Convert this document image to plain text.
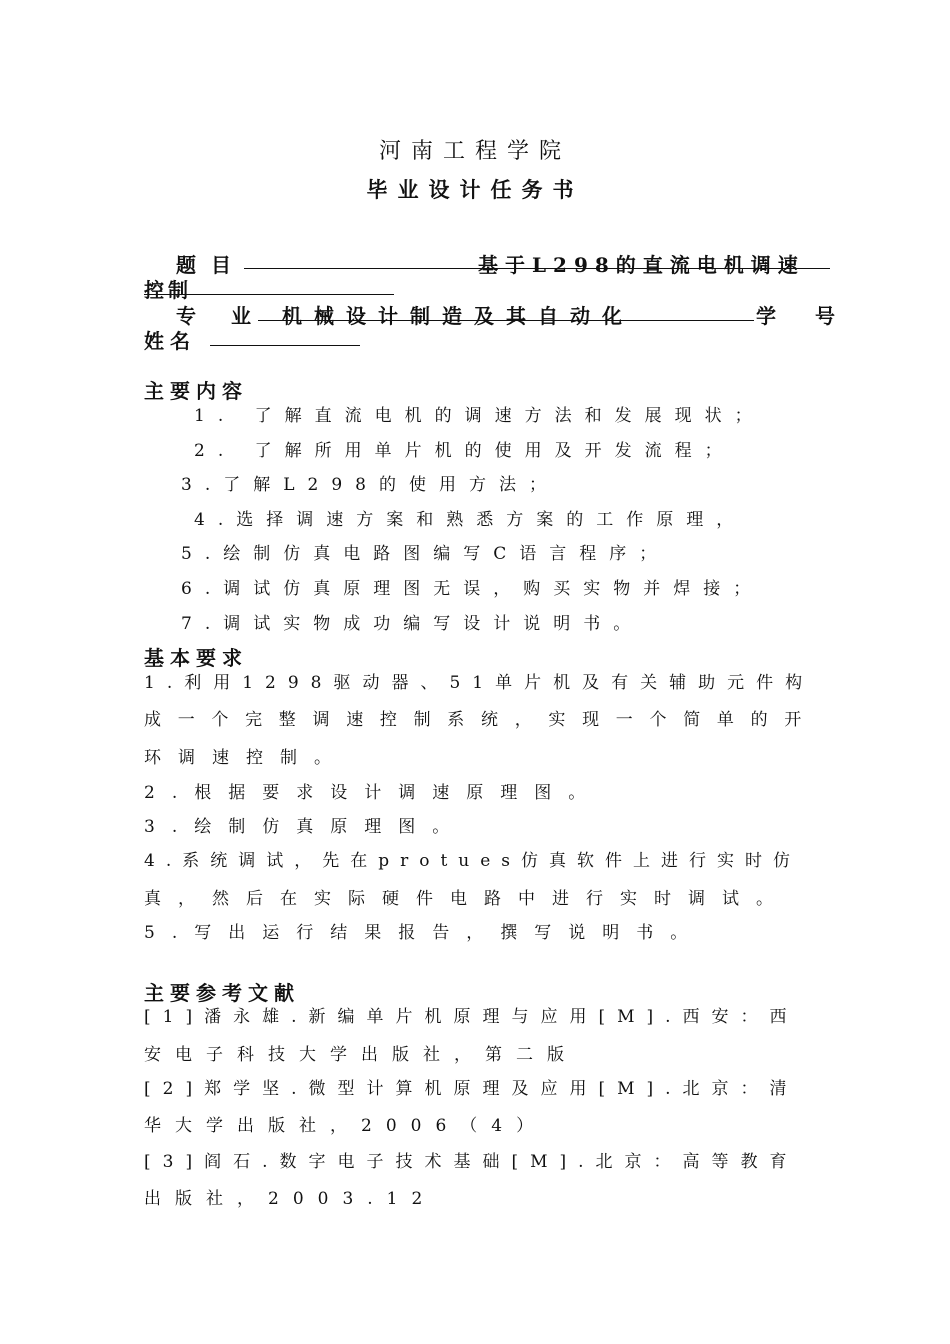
河南工程学院
毕业设计任务书
题 目	基于L298的直流电机调速
控制
专 业 机械设计制造及其自动化	学 号
姓名
主要内容
1. 了解直流电机的调速方法和发展现状；
2. 了解所用单片机的使用及开发流程；
3.了解L298的使用方法；
4.选择调速方案和熟悉方案的工作原理，
5.绘制仿真电路图编写C语言程序；
6.调试仿真原理图无误，购买实物并焊接；
7.调试实物成功编写设计说明书。
基本要求
1.利用1298驱动器、51单片机及有关辅助元件构
成一个完整调速控制系统，实现一个简单的开
环调速控制。
2.根据要求设计调速原理图。
3.绘制仿真原理图。
4.系统调试，先在protues仿真软件上进行实时仿
真，然后在实际硬件电路中进行实时调试。
5.写出运行结果报告，撰写说明书。
主要参考文献
[1]潘永雄.新编单片机原理与应用[M].西安：西
安电子科技大学出版社，第二版
[2]郑学坚.微型计算机原理及应用[M].北京：清
华大学出版社，2006（4）
[3]阎石.数字电子技术基础[M].北京：高等教育
出版社，2003.12
